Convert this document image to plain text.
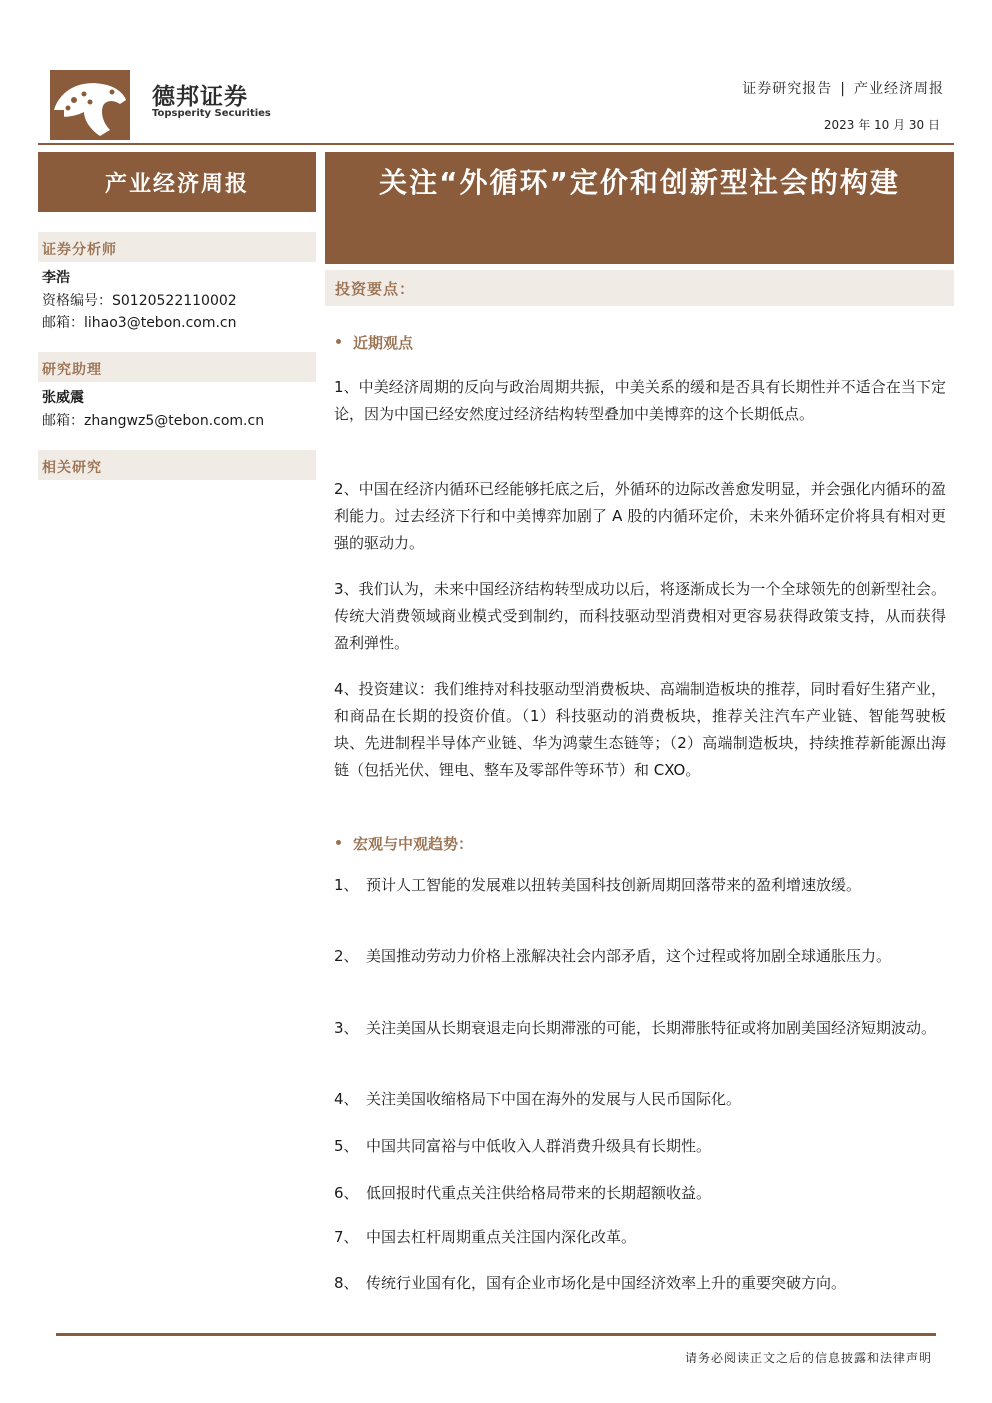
德邦证券
Topsperity Securities
证券研究报告 | 产业经济周报
2023 年 10 月 30 日
产业经济周报
证券分析师
李浩
资格编号：S0120522110002
邮箱：lihao3@tebon.com.cn
研究助理
张威震
邮箱：zhangwz5@tebon.com.cn
相关研究
关注“外循环”定价和创新型社会的构建
投资要点：
近期观点
1、中美经济周期的反向与政治周期共振，中美关系的缓和是否具有长期性并不适合在当下定论，因为中国已经安然度过经济结构转型叠加中美博弈的这个长期低点。
2、中国在经济内循环已经能够托底之后，外循环的边际改善愈发明显，并会强化内循环的盈利能力。过去经济下行和中美博弈加剧了 A 股的内循环定价，未来外循环定价将具有相对更强的驱动力。
3、我们认为，未来中国经济结构转型成功以后，将逐渐成长为一个全球领先的创新型社会。传统大消费领域商业模式受到制约，而科技驱动型消费相对更容易获得政策支持，从而获得盈利弹性。
4、投资建议：我们维持对科技驱动型消费板块、高端制造板块的推荐，同时看好生猪产业，和商品在长期的投资价值。（1）科技驱动的消费板块，推荐关注汽车产业链、智能驾驶板块、先进制程半导体产业链、华为鸿蒙生态链等；（2）高端制造板块，持续推荐新能源出海链（包括光伏、锂电、整车及零部件等环节）和 CXO。
宏观与中观趋势：
1、 预计人工智能的发展难以扭转美国科技创新周期回落带来的盈利增速放缓。
2、 美国推动劳动力价格上涨解决社会内部矛盾，这个过程或将加剧全球通胀压力。
3、 关注美国从长期衰退走向长期滞涨的可能，长期滞胀特征或将加剧美国经济短期波动。
4、 关注美国收缩格局下中国在海外的发展与人民币国际化。
5、 中国共同富裕与中低收入人群消费升级具有长期性。
6、 低回报时代重点关注供给格局带来的长期超额收益。
7、 中国去杠杆周期重点关注国内深化改革。
8、 传统行业国有化，国有企业市场化是中国经济效率上升的重要突破方向。
请务必阅读正文之后的信息披露和法律声明
